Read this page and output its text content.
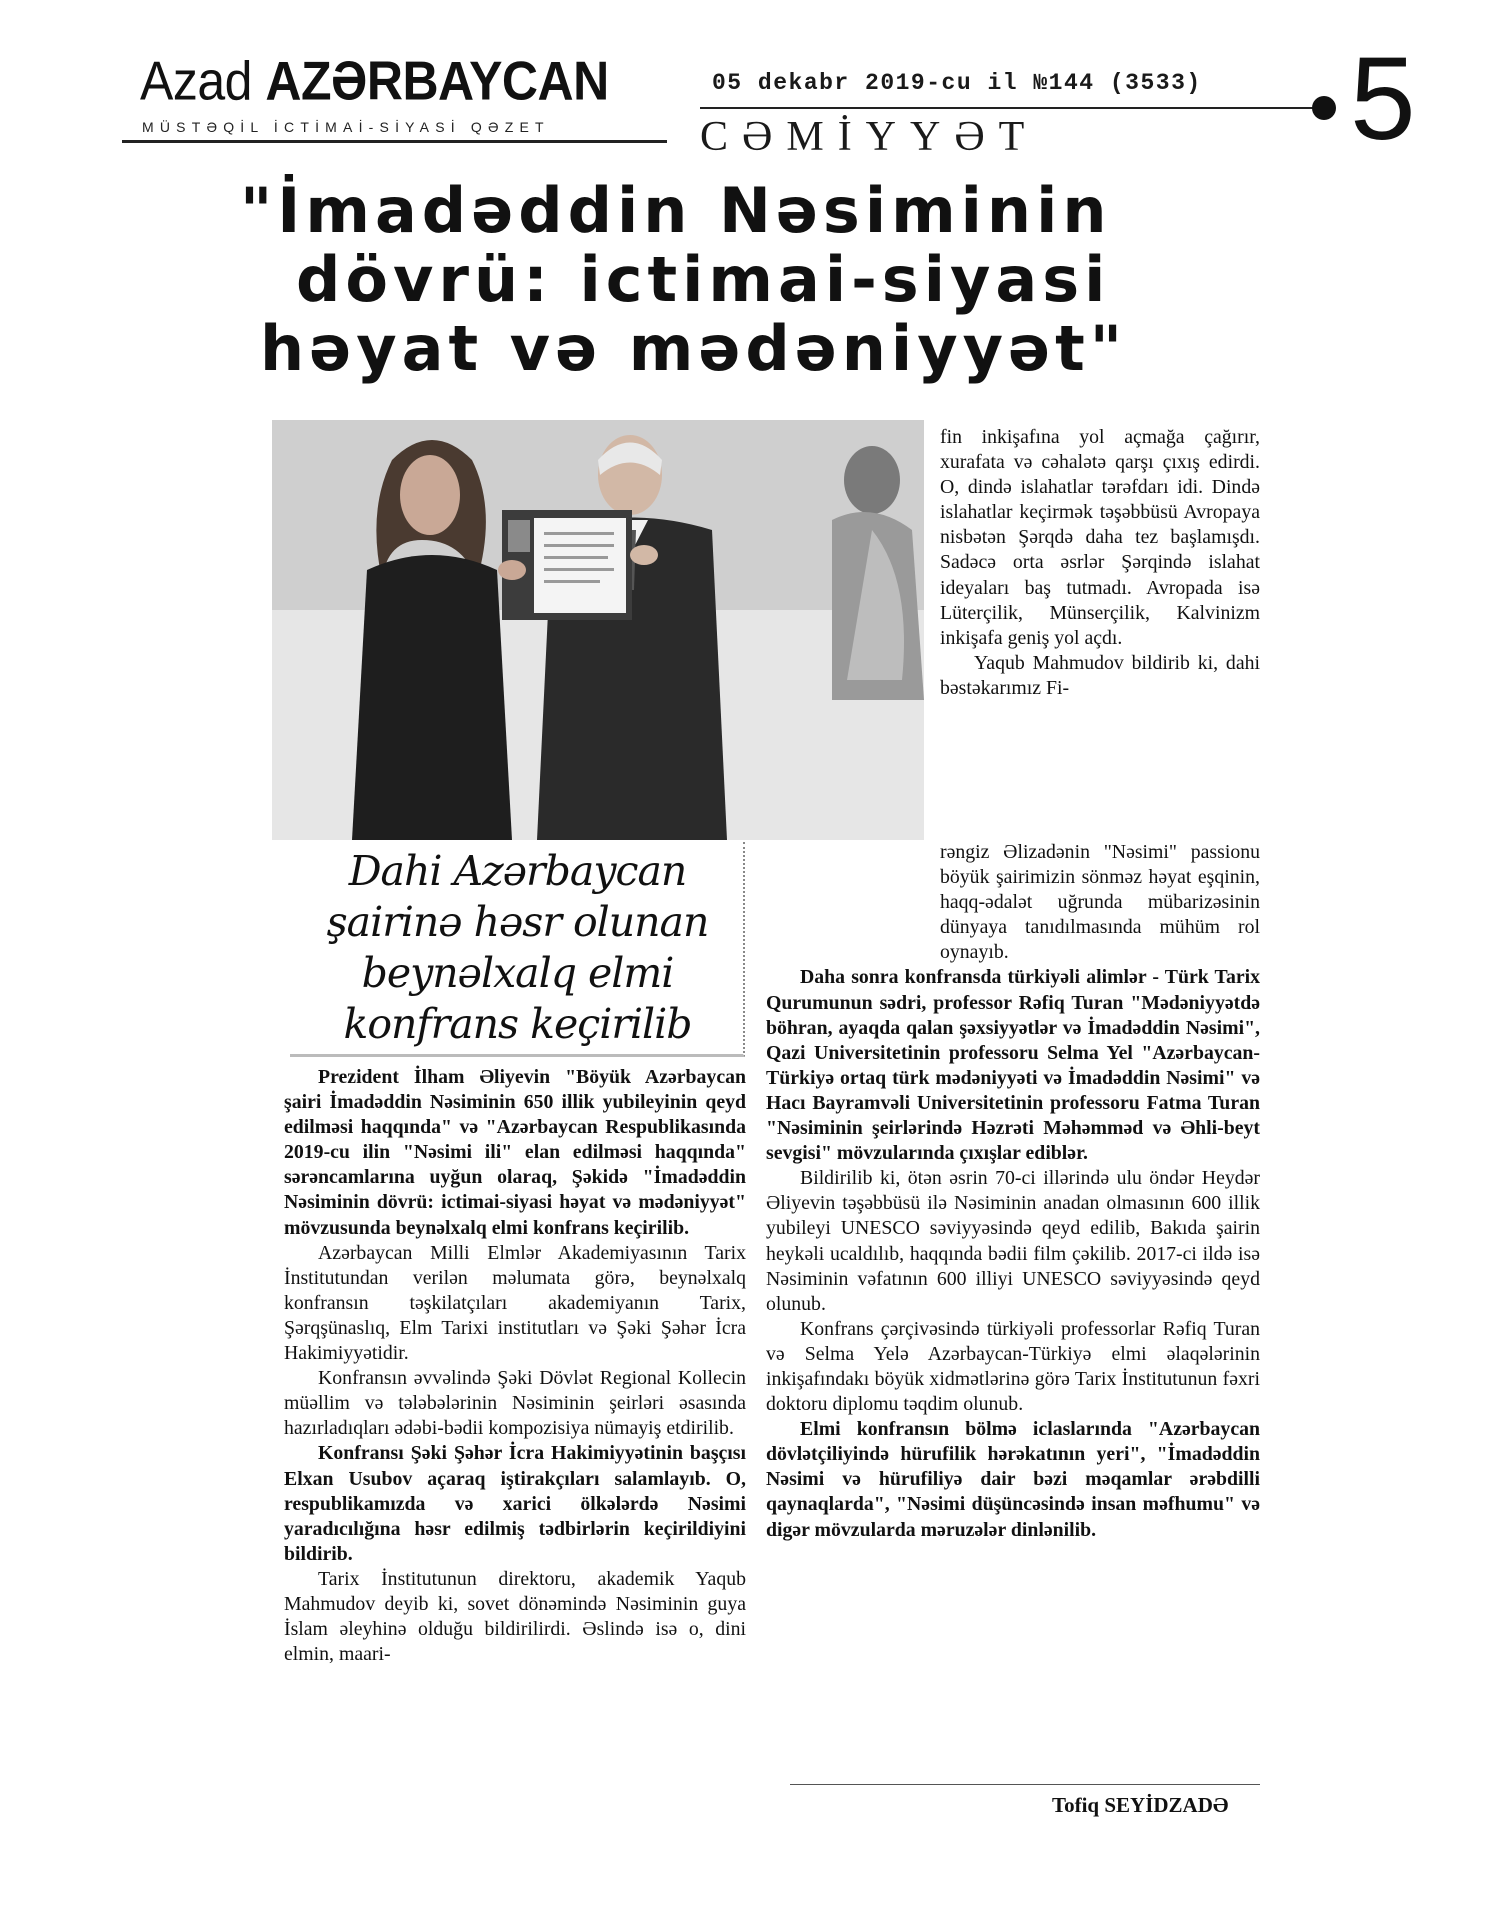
Azad AZƏRBAYCAN
MÜSTƏQİL İCTİMAİ-SİYASİ QƏZET
05 dekabr 2019-cu il №144 (3533)
CƏMİYYƏT	5
"İmadəddin Nəsiminin
dövrü: ictimai-siyasi
həyat və mədəniyyət"
Dahi Azərbaycan şairinə həsr olunan beynəlxalq elmi konfrans keçirilib

Prezident İlham Əliyevin "Böyük Azərbaycan şairi İmadəddin Nəsiminin 650 illik yubileyinin qeyd edilməsi haqqında" və "Azərbaycan Respublikasında 2019-cu ilin "Nəsimi ili" elan edilməsi haqqında" sərəncamlarına uyğun olaraq, Şəkidə "İmadəddin Nəsiminin dövrü: ictimai-siyasi həyat və mədəniyyət" mövzusunda beynəlxalq elmi konfrans keçirilib.

Azərbaycan Milli Elmlər Akademiyasının Tarix İnstitutundan verilən məlumata görə, beynəlxalq konfransın təşkilatçıları akademiyanın Tarix, Şərqşünaslıq, Elm Tarixi institutları və Şəki Şəhər İcra Hakimiyyətidir.

Konfransın əvvəlində Şəki Dövlət Regional Kollecin müəllim və tələbələrinin Nəsiminin şeirləri əsasında hazırladıqları ədəbi-bədii kompozisiya nümayiş etdirilib.

Konfransı Şəki Şəhər İcra Hakimiyyətinin başçısı Elxan Usubov açaraq iştirakçıları salamlayıb. O, respublikamızda və xarici ölkələrdə Nəsimi yaradıcılığına həsr edilmiş tədbirlərin keçirildiyini bildirib.

Tarix İnstitutunun direktoru, akademik Yaqub Mahmudov deyib ki, sovet dönəmində Nəsiminin guya İslam əleyhinə olduğu bildirilirdi. Əslində isə o, dini elmin, maari-

fin inkişafına yol açmağa çağırır, xurafata və cəhalətə qarşı çıxış edirdi. O, dində islahatlar tərəfdarı idi. Dində islahatlar keçirmək təşəbbüsü Avropaya nisbətən Şərqdə daha tez başlamışdı. Sadəcə orta əsrlər Şərqində islahat ideyaları baş tutmadı. Avropada isə Lüterçilik, Münserçilik, Kalvinizm inkişafa geniş yol açdı.

Yaqub Mahmudov bildirib ki, dahi bəstəkarımız Fi-

rəngiz Əlizadənin "Nəsimi" passionu böyük şairimizin sönməz həyat eşqinin, haqq-ədalət uğrunda mübarizəsinin dünyaya tanıdılmasında mühüm rol oynayıb.

Daha sonra konfransda türkiyəli alimlər - Türk Tarix Qurumunun sədri, professor Rəfiq Turan "Mədəniyyətdə böhran, ayaqda qalan şəxsiyyətlər və İmadəddin Nəsimi", Qazi Universitetinin professoru Selma Yel "Azərbaycan-Türkiyə ortaq türk mədəniyyəti və İmadəddin Nəsimi" və Hacı Bayramvəli Universitetinin professoru Fatma Turan "Nəsiminin şeirlərində Həzrəti Məhəmməd və Əhli-beyt sevgisi" mövzularında çıxışlar ediblər.

Bildirilib ki, ötən əsrin 70-ci illərində ulu öndər Heydər Əliyevin təşəbbüsü ilə Nəsiminin anadan olmasının 600 illik yubileyi UNESCO səviyyəsində qeyd edilib, Bakıda şairin heykəli ucaldılıb, haqqında bədii film çəkilib. 2017-ci ildə isə Nəsiminin vəfatının 600 illiyi UNESCO səviyyəsində qeyd olunub.

Konfrans çərçivəsində türkiyəli professorlar Rəfiq Turan və Selma Yelə Azərbaycan-Türkiyə elmi əlaqələrinin inkişafındakı böyük xidmətlərinə görə Tarix İnstitutunun fəxri doktoru diplomu təqdim olunub.

Elmi konfransın bölmə iclaslarında "Azərbaycan dövlətçiliyində hürufilik hərəkatının yeri", "İmadəddin Nəsimi və hürufiliyə dair bəzi məqamlar ərəbdilli qaynaqlarda", "Nəsimi düşüncəsində insan məfhumu" və digər mövzularda məruzələr dinlənilib.

Tofiq SEYİDZADƏ
